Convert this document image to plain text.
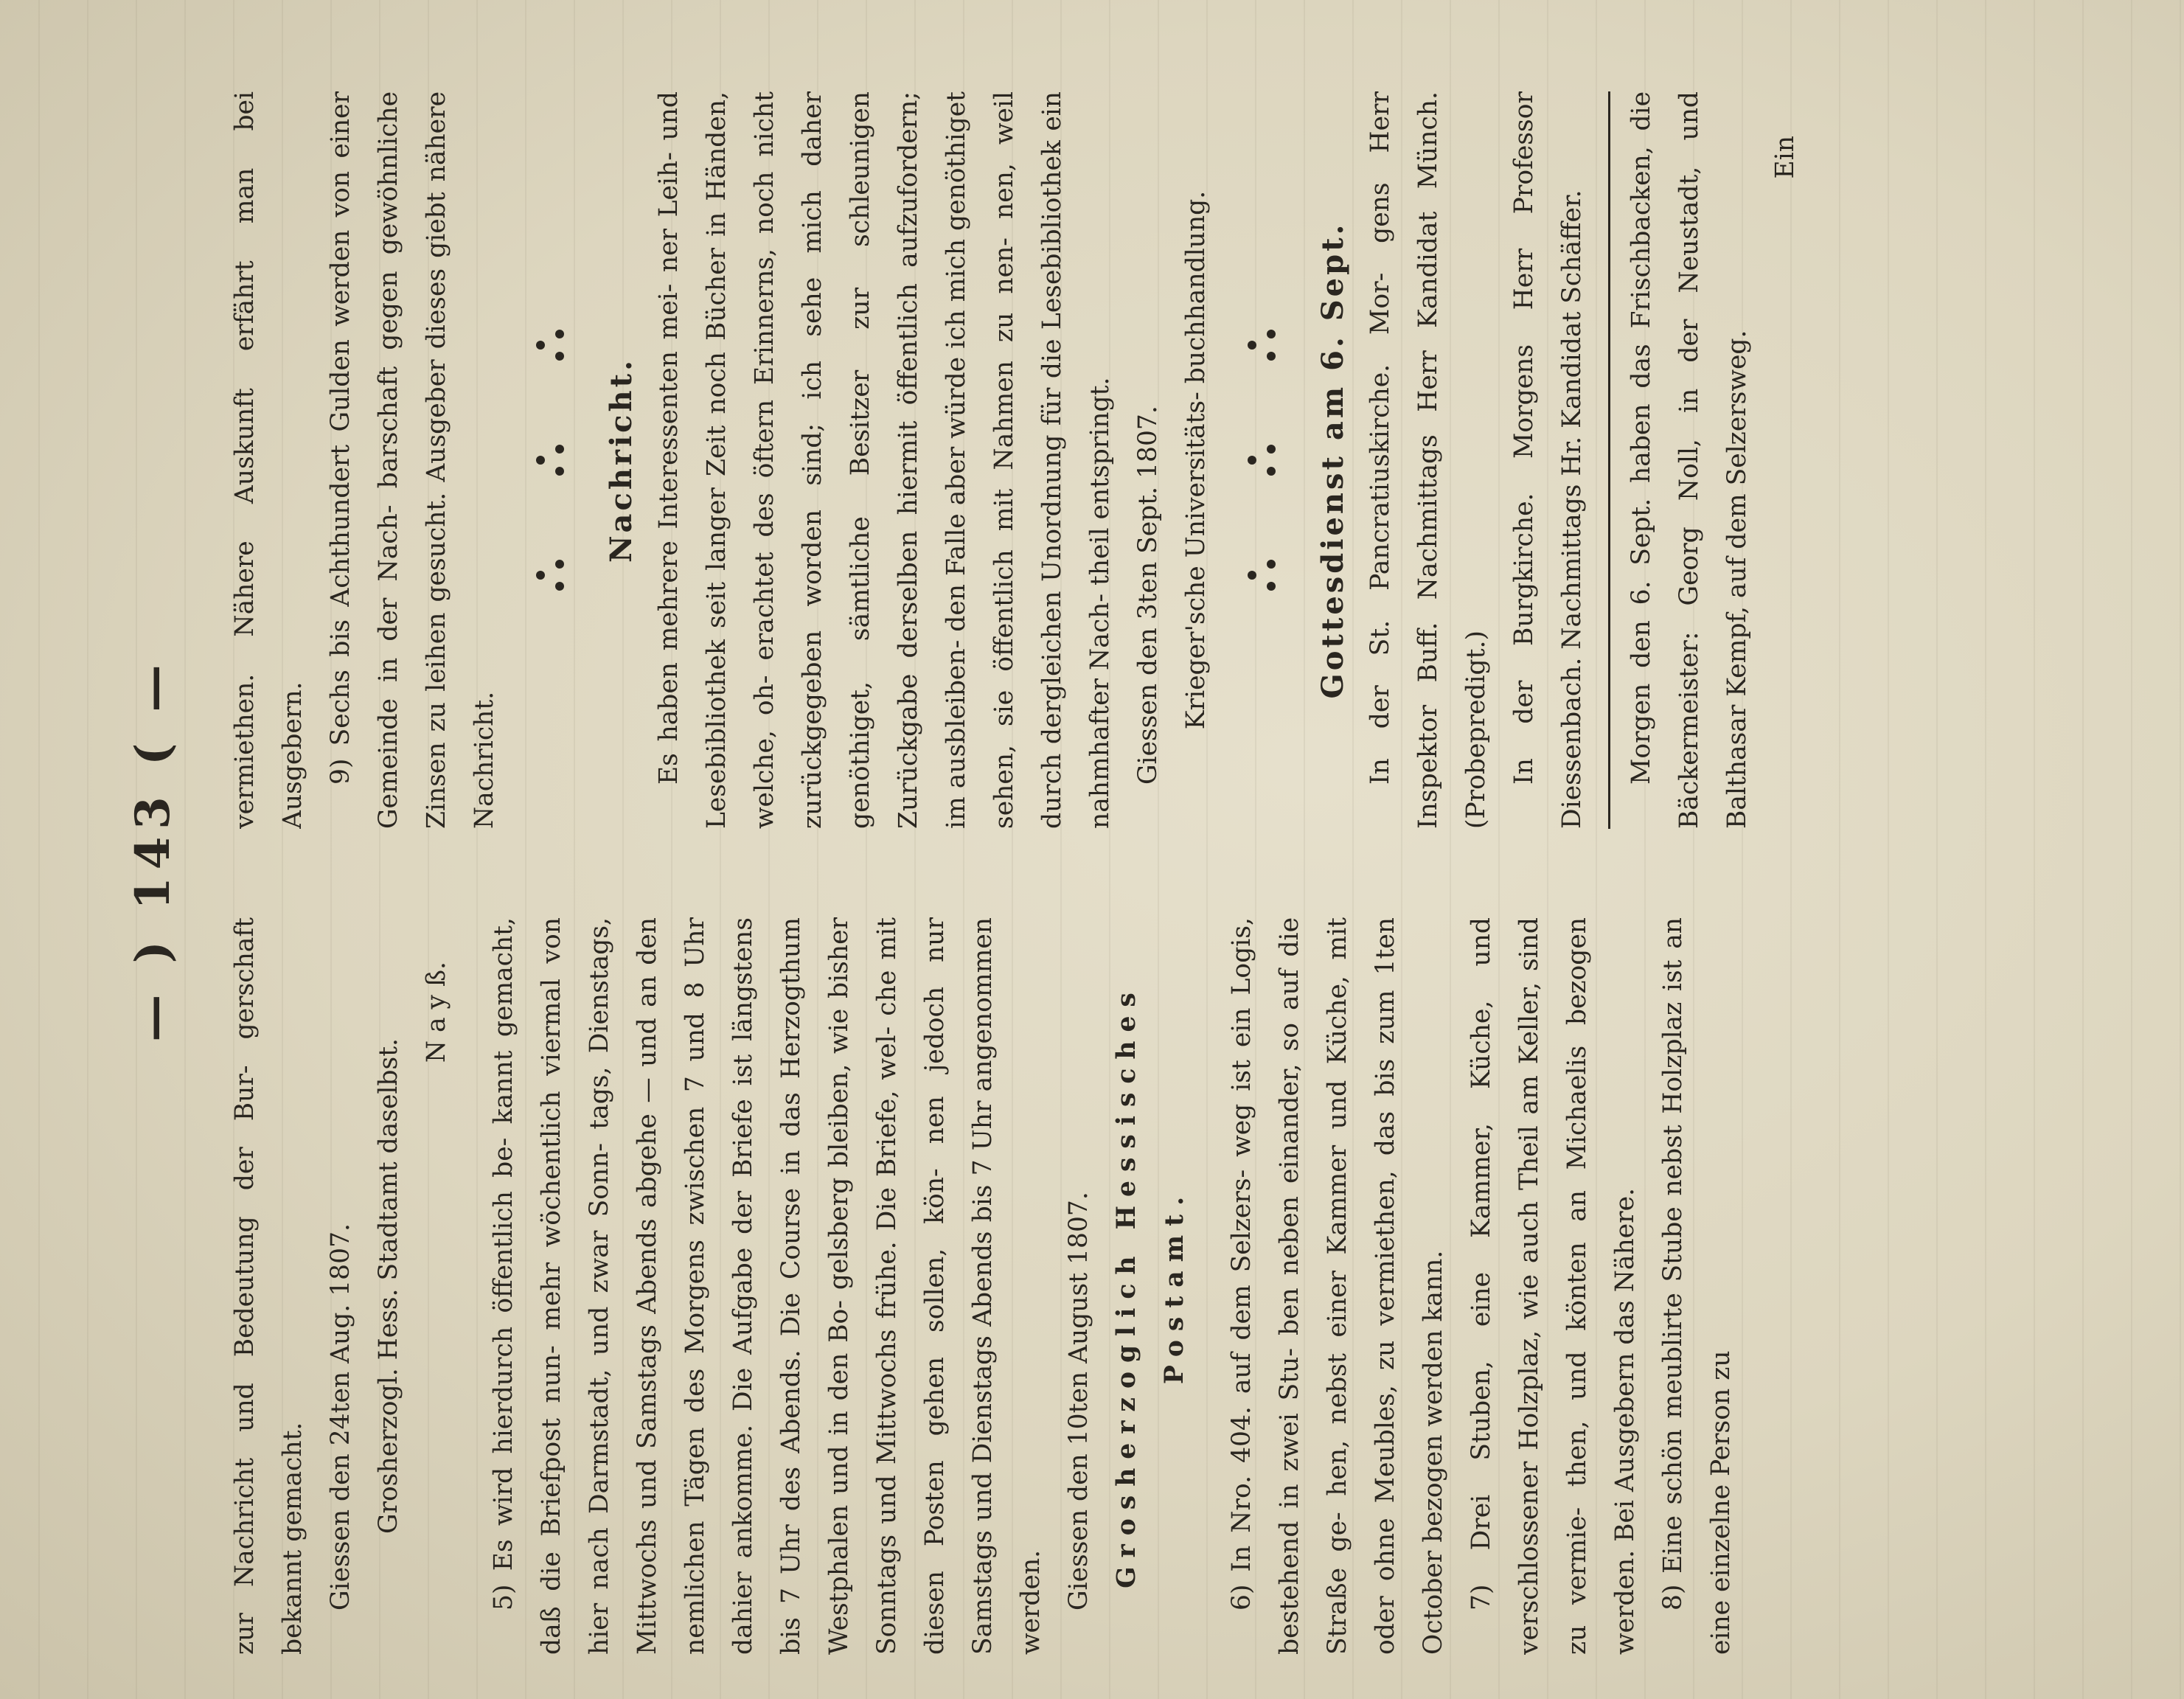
— ) 143 ( —

zur Nachricht und Bedeutung der Bur- gerschaft bekannt gemacht. Giessen den 24ten Aug. 1807. Grosherzogl. Hess. Stadtamt daselbst.

N a y ß.	5) Es wird hierdurch öffentlich be- kannt gemacht, daß die Briefpost nun- mehr wöchentlich viermal von hier nach Darmstadt, und zwar Sonn- tags, Dienstags, Mittwochs und Samstags Abends abgehe — und an den nemlichen Tägen des Morgens zwischen 7 und 8 Uhr dahier ankomme. Die Aufgabe der Briefe ist längstens bis 7 Uhr des Abends. Die Course in das Herzogthum Westphalen und in den Bo- gelsberg bleiben, wie bisher Sonntags und Mittwochs frühe. Die Briefe, wel- che mit diesen Posten gehen sollen, kön- nen jedoch nur Samstags und Dienstags Abends bis 7 Uhr angenommen werden. Giessen den 10ten August 1807. Grosherzoglich Hessisches Postamt.	6) In Nro. 404. auf dem Selzers- weg ist ein Logis, bestehend in zwei Stu- ben neben einander, so auf die Straße ge- hen, nebst einer Kammer und Küche, mit oder ohne Meubles, zu vermiethen, das bis zum 1ten October bezogen werden kann. 7) Drei Stuben, eine Kammer, Küche, und verschlossener Holzplaz, wie auch Theil am Keller, sind zu vermie- then, und könten an Michaelis bezogen werden. Bei Ausgebern das Nähere. 8) Eine schön meublirte Stube nebst Holzplaz ist an eine einzelne Person zu

vermiethen. Nähere Auskunft erfährt man bei Ausgebern. 9) Sechs bis Achthundert Gulden werden von einer Gemeinde in der Nach- barschaft gegen gewöhnliche Zinsen zu leihen gesucht. Ausgeber dieses giebt nähere Nachricht.

Nachricht. Es haben mehrere Interessenten mei- ner Leih- und Lesebibliothek seit langer Zeit noch Bücher in Händen, welche, oh- erachtet des öftern Erinnerns, noch nicht zurückgegeben worden sind; ich sehe mich daher genöthiget, sämtliche Besitzer zur schleunigen Zurückgabe derselben hiermit öffentlich aufzufordern; im ausbleiben- den Falle aber würde ich mich genöthiget sehen, sie öffentlich mit Nahmen zu nen- nen, weil durch dergleichen Unordnung für die Lesebibliothek ein nahmhafter Nach- theil entspringt. Giessen den 3ten Sept. 1807. Krieger'sche Universitäts- buchhandlung.	Gottesdienst am 6. Sept. In der St. Pancratiuskirche. Mor- gens Herr Inspektor Buff. Nachmittags Herr Kandidat Münch. (Probepredigt.) In der Burgkirche. Morgens Herr Professor Diessenbach. Nachmittags Hr. Kandidat Schäffer.	Morgen den 6. Sept. haben das Frischbacken, die Bäckermeister: Georg Noll, in der Neustadt, und Balthasar Kempf, auf dem Selzersweg.

Ein
